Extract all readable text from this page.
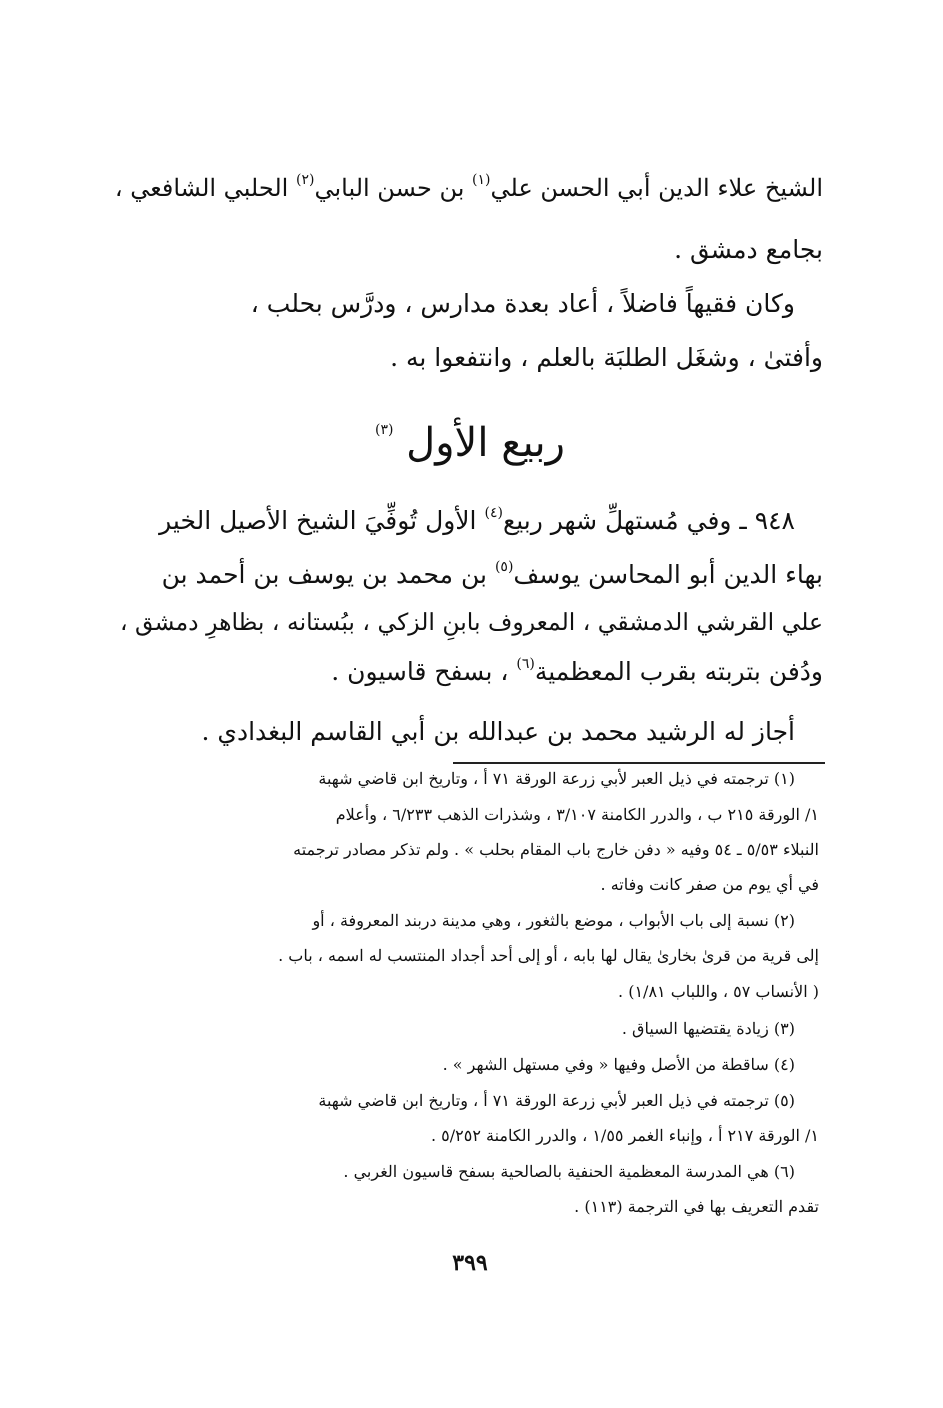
الشيخ علاء الدين أبي الحسن علي$^{(١)}$ بن حسن البابي$^{(٢)}$ الحلبي الشافعي ،
بجامع دمشق .
وكان فقيهاً فاضلاً ، أعاد بعدة مدارس ، ودرَّس بحلب ،
وأفتىٰ ، وشغَل الطلبَة بالعلم ، وانتفعوا به .
ربيع الأول $^{(٣)}$
٩٤٨ ـ وفي مُستهلِّ شهر ربيع$^{(٤)}$ الأول تُوفِّيَ الشيخ الأصيل الخير
بهاء الدين أبو المحاسن يوسف$^{(٥)}$ بن محمد بن يوسف بن أحمد بن
علي القرشي الدمشقي ، المعروف بابنِ الزكي ، ببُستانه ، بظاهرِ دمشق ،
ودُفن بتربته بقرب المعظمية$^{(٦)}$ ، بسفح قاسيون .
أجاز له الرشيد محمد بن عبدالله بن أبي القاسم البغدادي .
(١) ترجمته في ذيل العبر لأبي زرعة الورقة ٧١ أ ، وتاريخ ابن قاضي شهبة
١/ الورقة ٢١٥ ب ، والدرر الكامنة ٣/١٠٧ ، وشذرات الذهب ٦/٢٣٣ ، وأعلام
النبلاء ٥/٥٣ ـ ٥٤ وفيه « دفن خارج باب المقام بحلب » . ولم تذكر مصادر ترجمته
في أي يوم من صفر كانت وفاته .
(٢) نسبة إلى باب الأبواب ، موضع بالثغور ، وهي مدينة دربند المعروفة ، أو
إلى قرية من قرىٰ بخارىٰ يقال لها بابه ، أو إلى أحد أجداد المنتسب له اسمه ، باب .
( الأنساب ٥٧ ، واللباب ١/٨١) .
(٣) زيادة يقتضيها السياق .
(٤) ساقطة من الأصل وفيها « وفي مستهل الشهر » .
(٥) ترجمته في ذيل العبر لأبي زرعة الورقة ٧١ أ ، وتاريخ ابن قاضي شهبة
١/ الورقة ٢١٧ أ ، وإنباء الغمر ١/٥٥ ، والدرر الكامنة ٥/٢٥٢ .
(٦) هي المدرسة المعظمية الحنفية بالصالحية بسفح قاسيون الغربي .
تقدم التعريف بها في الترجمة (١١٣) .
٣٩٩
